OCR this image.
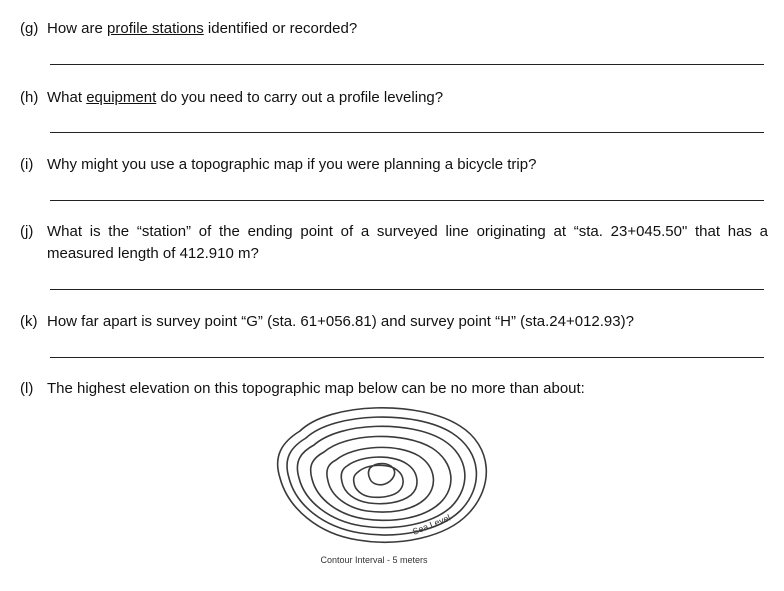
(g) How are profile stations identified or recorded?
(h) What equipment do you need to carry out a profile leveling?
(i) Why might you use a topographic map if you were planning a bicycle trip?
(j) What is the “station” of the ending point of a surveyed line originating at “sta. 23+045.50" that has a
measured length of 412.910 m?
(k) How far apart is survey point “G” (sta. 61+056.81) and survey point “H” (sta.24+012.93)?
(l) The highest elevation on this topographic map below can be no more than about:
Sea Level
Contour Interval - 5 meters
